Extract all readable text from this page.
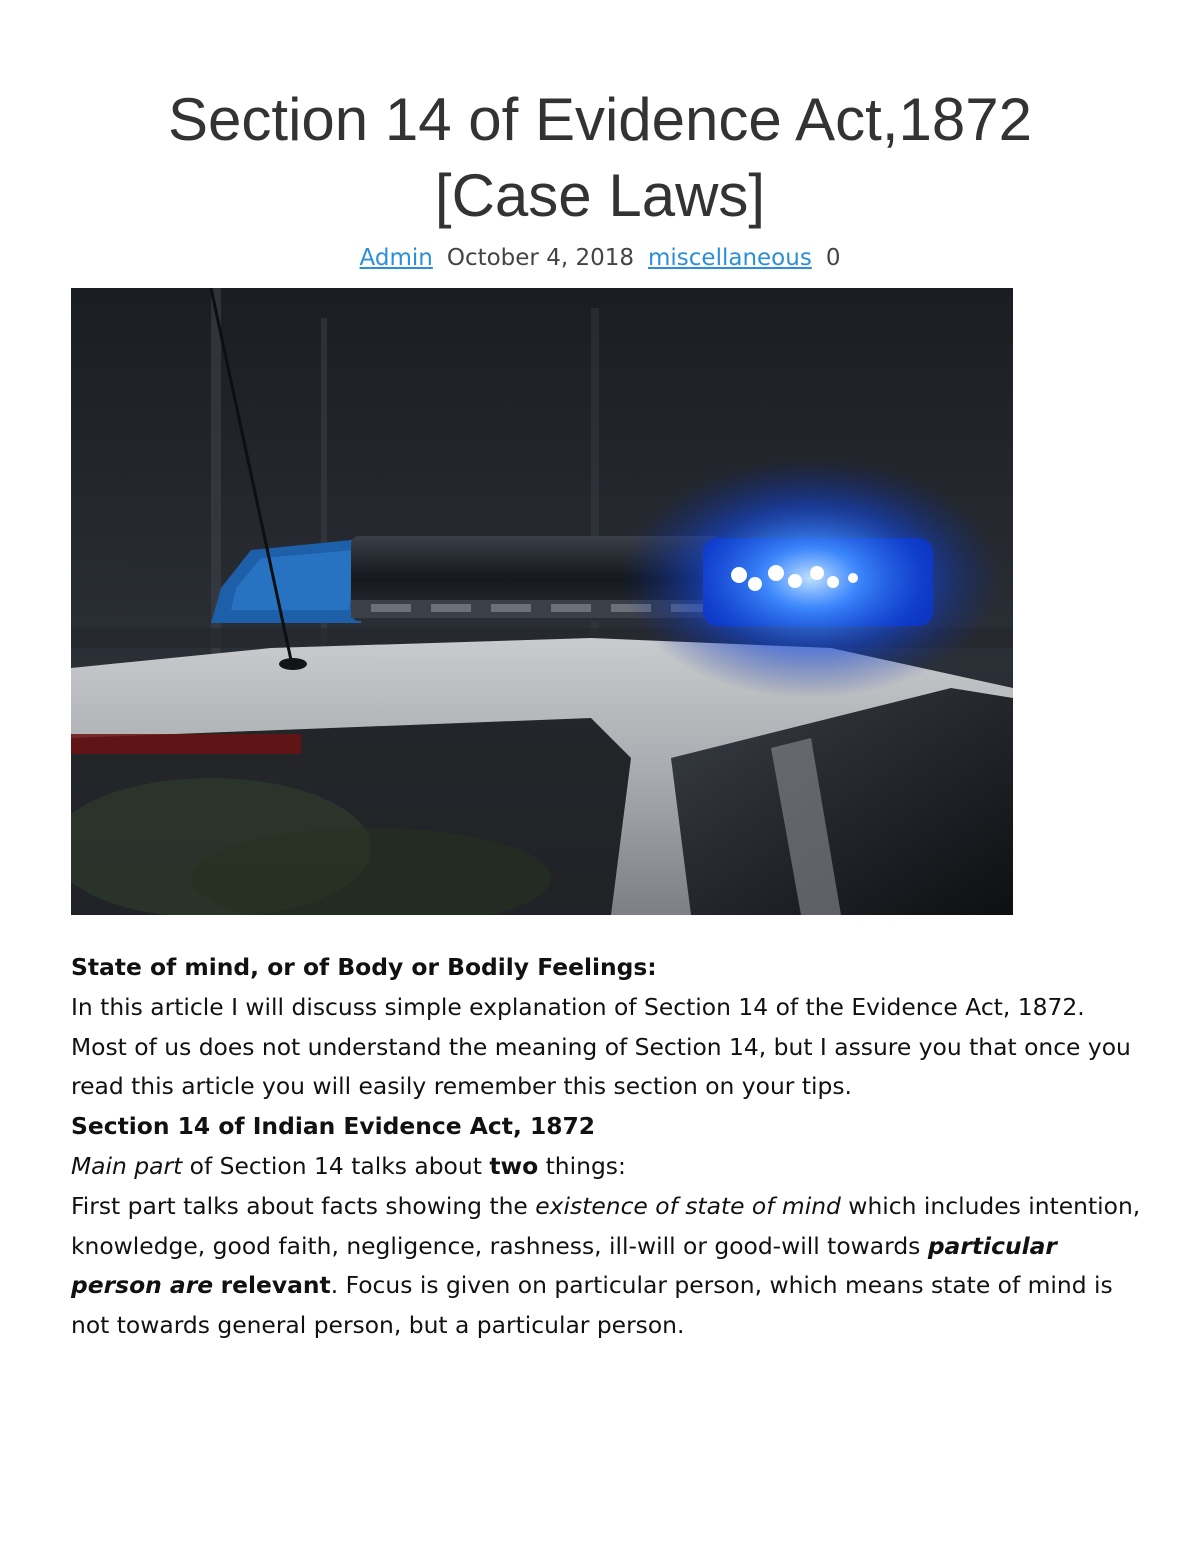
Section 14 of Evidence Act,1872
[Case Laws]
Admin October 4, 2018 miscellaneous 0
State of mind, or of Body or Bodily Feelings:

In this article I will discuss simple explanation of Section 14 of the Evidence Act, 1872. Most of us does not understand the meaning of Section 14, but I assure you that once you read this article you will easily remember this section on your tips.

Section 14 of Indian Evidence Act, 1872

Main part of Section 14 talks about two things:

First part talks about facts showing the existence of state of mind which includes intention, knowledge, good faith, negligence, rashness, ill-will or good-will towards particular person are relevant. Focus is given on particular person, which means state of mind is not towards general person, but a particular person.
